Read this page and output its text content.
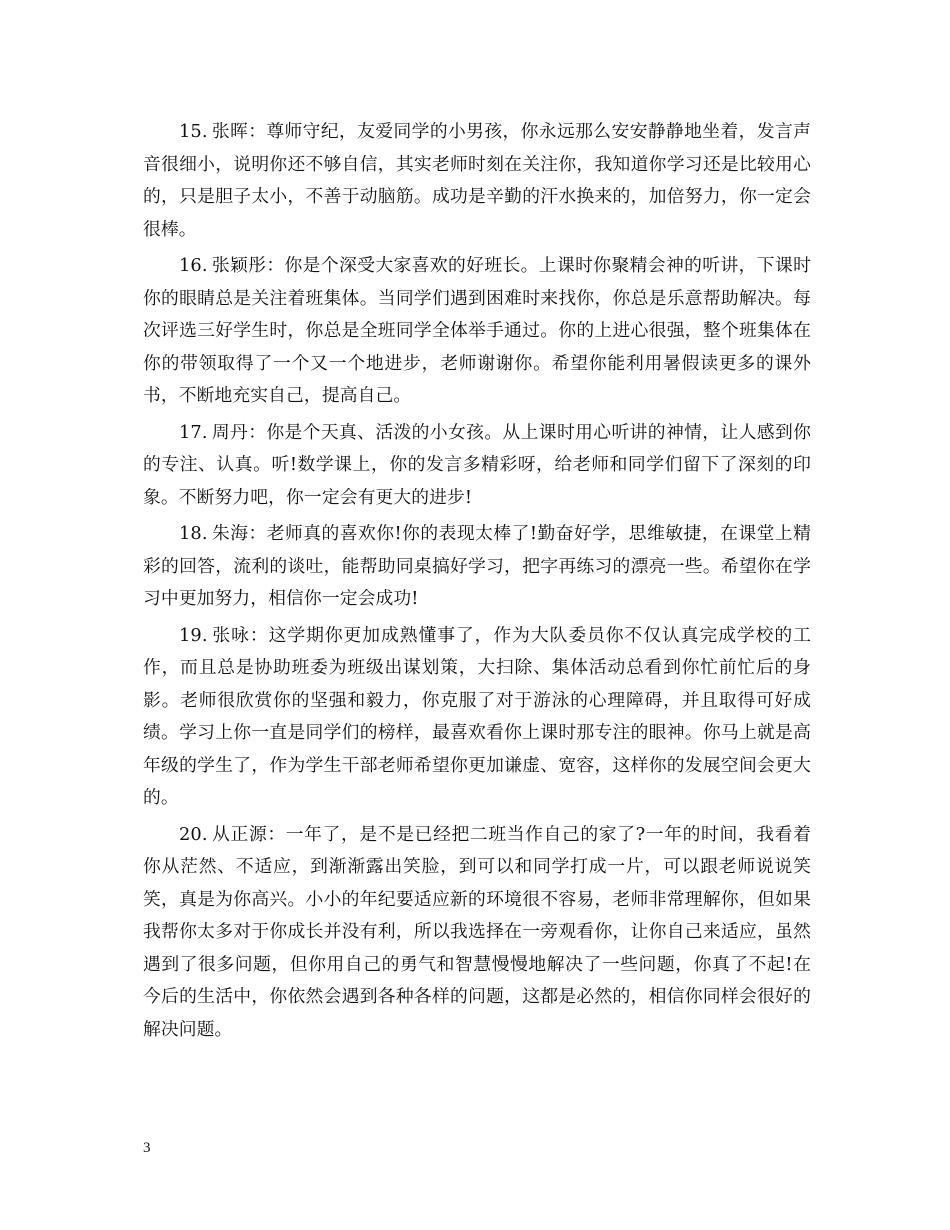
15. 张晖：尊师守纪，友爱同学的小男孩，你永远那么安安静静地坐着，发言声音很细小，说明你还不够自信，其实老师时刻在关注你，我知道你学习还是比较用心的，只是胆子太小，不善于动脑筋。成功是辛勤的汗水换来的，加倍努力，你一定会很棒。

16. 张颖彤：你是个深受大家喜欢的好班长。上课时你聚精会神的听讲，下课时你的眼睛总是关注着班集体。当同学们遇到困难时来找你，你总是乐意帮助解决。每次评选三好学生时，你总是全班同学全体举手通过。你的上进心很强，整个班集体在你的带领取得了一个又一个地进步，老师谢谢你。希望你能利用暑假读更多的课外书，不断地充实自己，提高自己。

17. 周丹：你是个天真、活泼的小女孩。从上课时用心听讲的神情，让人感到你的专注、认真。听!数学课上，你的发言多精彩呀，给老师和同学们留下了深刻的印象。不断努力吧，你一定会有更大的进步!

18. 朱海：老师真的喜欢你!你的表现太棒了!勤奋好学，思维敏捷，在课堂上精彩的回答，流利的谈吐，能帮助同桌搞好学习，把字再练习的漂亮一些。希望你在学习中更加努力，相信你一定会成功!

19. 张咏：这学期你更加成熟懂事了，作为大队委员你不仅认真完成学校的工作，而且总是协助班委为班级出谋划策，大扫除、集体活动总看到你忙前忙后的身影。老师很欣赏你的坚强和毅力，你克服了对于游泳的心理障碍，并且取得可好成绩。学习上你一直是同学们的榜样，最喜欢看你上课时那专注的眼神。你马上就是高年级的学生了，作为学生干部老师希望你更加谦虚、宽容，这样你的发展空间会更大的。

20. 从正源：一年了，是不是已经把二班当作自己的家了?一年的时间，我看着你从茫然、不适应，到渐渐露出笑脸，到可以和同学打成一片，可以跟老师说说笑笑，真是为你高兴。小小的年纪要适应新的环境很不容易，老师非常理解你，但如果我帮你太多对于你成长并没有利，所以我选择在一旁观看你，让你自己来适应，虽然遇到了很多问题，但你用自己的勇气和智慧慢慢地解决了一些问题，你真了不起!在今后的生活中，你依然会遇到各种各样的问题，这都是必然的，相信你同样会很好的解决问题。

3
